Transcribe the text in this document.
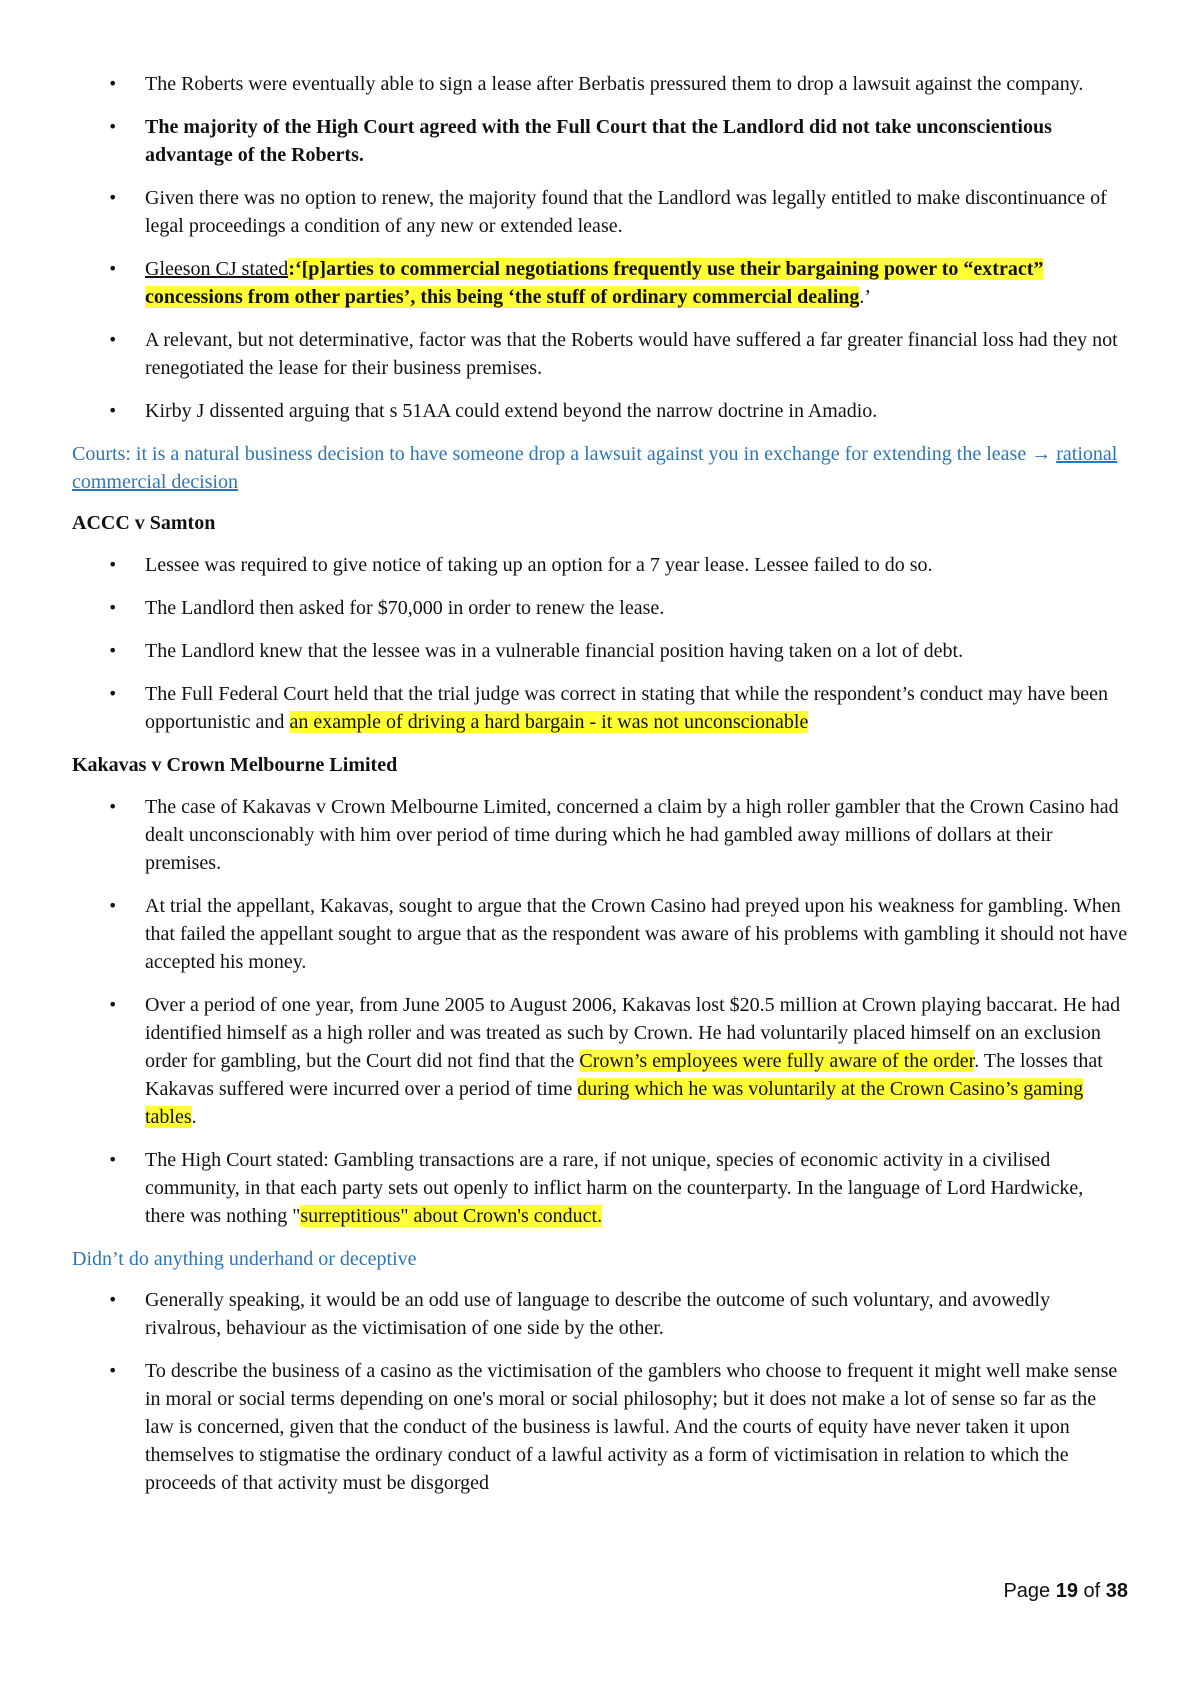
• The Roberts were eventually able to sign a lease after Berbatis pressured them to drop a lawsuit against the company.
• The majority of the High Court agreed with the Full Court that the Landlord did not take unconscientious advantage of the Roberts.
• Given there was no option to renew, the majority found that the Landlord was legally entitled to make discontinuance of legal proceedings a condition of any new or extended lease.
• Gleeson CJ stated:‘[p]arties to commercial negotiations frequently use their bargaining power to “extract” concessions from other parties’, this being ‘the stuff of ordinary commercial dealing.’
• A relevant, but not determinative, factor was that the Roberts would have suffered a far greater financial loss had they not renegotiated the lease for their business premises.
• Kirby J dissented arguing that s 51AA could extend beyond the narrow doctrine in Amadio.

Courts: it is a natural business decision to have someone drop a lawsuit against you in exchange for extending the lease → rational commercial decision

ACCC v Samton

• Lessee was required to give notice of taking up an option for a 7 year lease. Lessee failed to do so.
• The Landlord then asked for $70,000 in order to renew the lease.
• The Landlord knew that the lessee was in a vulnerable financial position having taken on a lot of debt.
• The Full Federal Court held that the trial judge was correct in stating that while the respondent’s conduct may have been opportunistic and an example of driving a hard bargain - it was not unconscionable

Kakavas v Crown Melbourne Limited

• The case of Kakavas v Crown Melbourne Limited, concerned a claim by a high roller gambler that the Crown Casino had dealt unconscionably with him over period of time during which he had gambled away millions of dollars at their premises.
• At trial the appellant, Kakavas, sought to argue that the Crown Casino had preyed upon his weakness for gambling. When that failed the appellant sought to argue that as the respondent was aware of his problems with gambling it should not have accepted his money.
• Over a period of one year, from June 2005 to August 2006, Kakavas lost $20.5 million at Crown playing baccarat. He had identified himself as a high roller and was treated as such by Crown. He had voluntarily placed himself on an exclusion order for gambling, but the Court did not find that the Crown’s employees were fully aware of the order. The losses that Kakavas suffered were incurred over a period of time during which he was voluntarily at the Crown Casino’s gaming tables.
• The High Court stated: Gambling transactions are a rare, if not unique, species of economic activity in a civilised community, in that each party sets out openly to inflict harm on the counterparty. In the language of Lord Hardwicke, there was nothing "surreptitious" about Crown's conduct.

Didn’t do anything underhand or deceptive

• Generally speaking, it would be an odd use of language to describe the outcome of such voluntary, and avowedly rivalrous, behaviour as the victimisation of one side by the other.
• To describe the business of a casino as the victimisation of the gamblers who choose to frequent it might well make sense in moral or social terms depending on one's moral or social philosophy; but it does not make a lot of sense so far as the law is concerned, given that the conduct of the business is lawful. And the courts of equity have never taken it upon themselves to stigmatise the ordinary conduct of a lawful activity as a form of victimisation in relation to which the proceeds of that activity must be disgorged
Page 19 of 38
